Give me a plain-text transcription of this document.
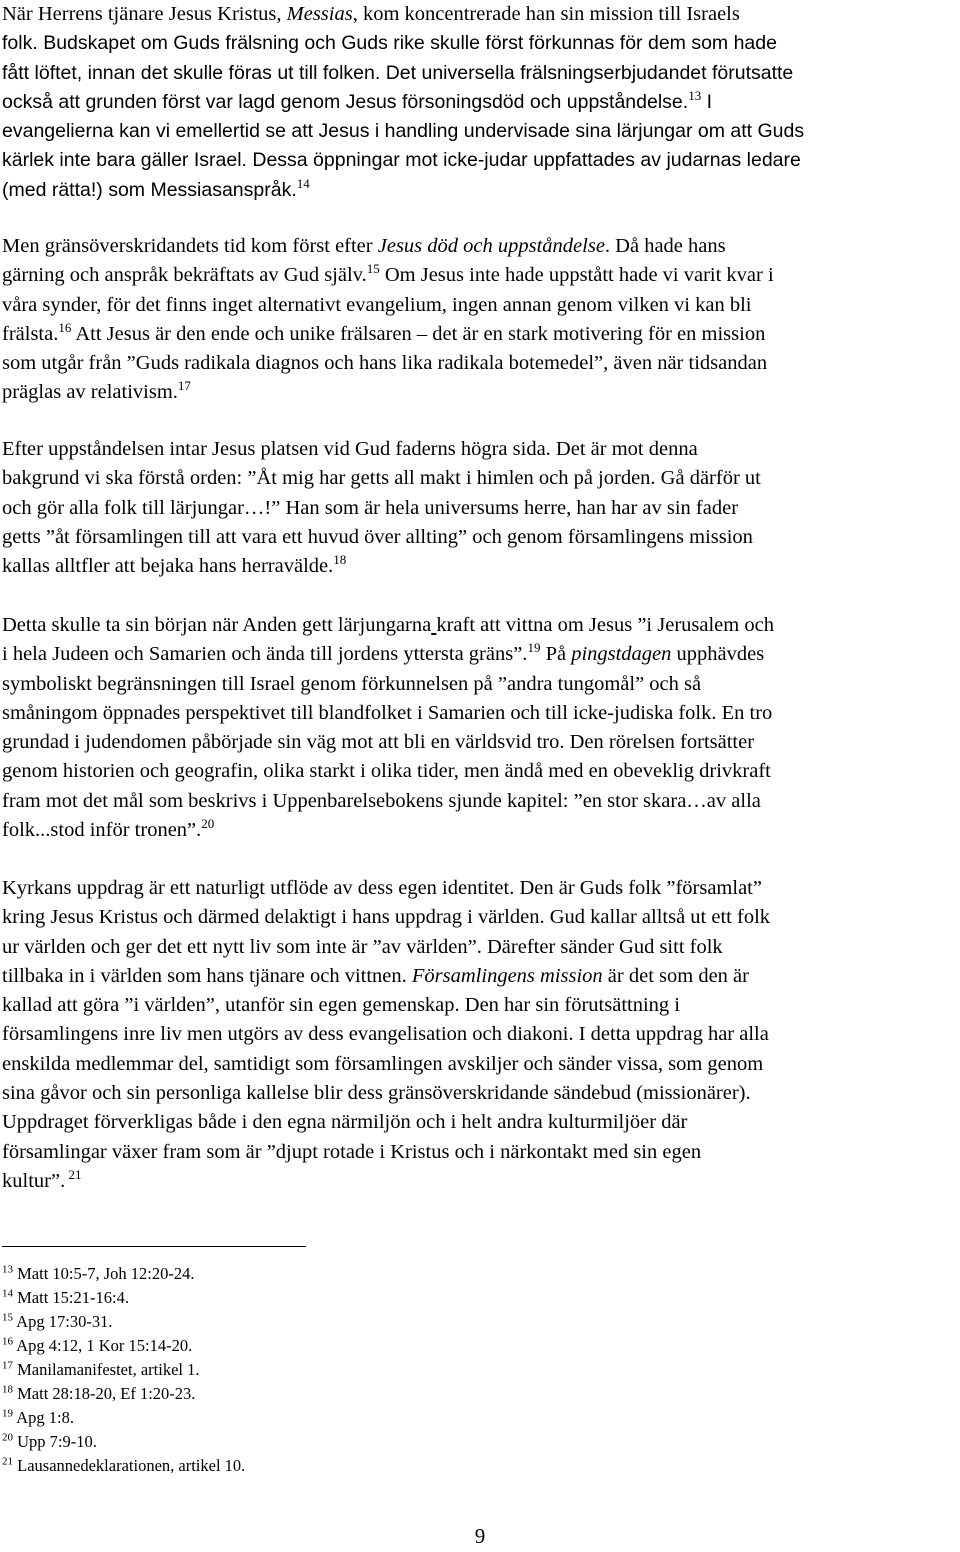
När Herrens tjänare Jesus Kristus, Messias, kom koncentrerade han sin mission till Israels
folk. Budskapet om Guds frälsning och Guds rike skulle först förkunnas för dem som hade
fått löftet, innan det skulle föras ut till folken. Det universella frälsningserbjudandet förutsatte
också att grunden först var lagd genom Jesus försoningsdöd och uppståndelse.$^{13}$ I
evangelierna kan vi emellertid se att Jesus i handling undervisade sina lärjungar om att Guds
kärlek inte bara gäller Israel. Dessa öppningar mot icke-judar uppfattades av judarnas ledare
(med rätta!) som Messiasanspråk.$^{14}$
Men gränsöverskridandets tid kom först efter Jesus död och uppståndelse. Då hade hans
gärning och anspråk bekräftats av Gud själv.$^{15}$ Om Jesus inte hade uppstått hade vi varit kvar i
våra synder, för det finns inget alternativt evangelium, ingen annan genom vilken vi kan bli
frälsta.$^{16}$ Att Jesus är den ende och unike frälsaren – det är en stark motivering för en mission
som utgår från ”Guds radikala diagnos och hans lika radikala botemedel”, även när tidsandan
präglas av relativism.$^{17}$
Efter uppståndelsen intar Jesus platsen vid Gud faderns högra sida. Det är mot denna
bakgrund vi ska förstå orden: ”Åt mig har getts all makt i himlen och på jorden. Gå därför ut
och gör alla folk till lärjungar…!” Han som är hela universums herre, han har av sin fader
getts ”åt församlingen till att vara ett huvud över allting” och genom församlingens mission
kallas alltfler att bejaka hans herravälde.$^{18}$
Detta skulle ta sin början när Anden gett lärjungarna kraft att vittna om Jesus ”i Jerusalem och
i hela Judeen och Samarien och ända till jordens yttersta gräns”.$^{19}$ På pingstdagen upphävdes
symboliskt begränsningen till Israel genom förkunnelsen på ”andra tungomål” och så
småningom öppnades perspektivet till blandfolket i Samarien och till icke-judiska folk. En tro
grundad i judendomen påbörjade sin väg mot att bli en världsvid tro. Den rörelsen fortsätter
genom historien och geografin, olika starkt i olika tider, men ändå med en obeveklig drivkraft
fram mot det mål som beskrivs i Uppenbarelsebokens sjunde kapitel: ”en stor skara…av alla
folk...stod inför tronen”.$^{20}$
Kyrkans uppdrag är ett naturligt utflöde av dess egen identitet. Den är Guds folk ”församlat”
kring Jesus Kristus och därmed delaktigt i hans uppdrag i världen. Gud kallar alltså ut ett folk
ur världen och ger det ett nytt liv som inte är ”av världen”. Därefter sänder Gud sitt folk
tillbaka in i världen som hans tjänare och vittnen. Församlingens mission är det som den är
kallad att göra ”i världen”, utanför sin egen gemenskap. Den har sin förutsättning i
församlingens inre liv men utgörs av dess evangelisation och diakoni. I detta uppdrag har alla
enskilda medlemmar del, samtidigt som församlingen avskiljer och sänder vissa, som genom
sina gåvor och sin personliga kallelse blir dess gränsöverskridande sändebud (missionärer).
Uppdraget förverkligas både i den egna närmiljön och i helt andra kulturmiljöer där
församlingar växer fram som är ”djupt rotade i Kristus och i närkontakt med sin egen
kultur”. $^{21}$
$^{13}$ Matt 10:5-7, Joh 12:20-24.
$^{14}$ Matt 15:21-16:4.
$^{15}$ Apg 17:30-31.
$^{16}$ Apg 4:12, 1 Kor 15:14-20.
$^{17}$ Manilamanifestet, artikel 1.
$^{18}$ Matt 28:18-20, Ef 1:20-23.
$^{19}$ Apg 1:8.
$^{20}$ Upp 7:9-10.
$^{21}$ Lausannedeklarationen, artikel 10.
9
